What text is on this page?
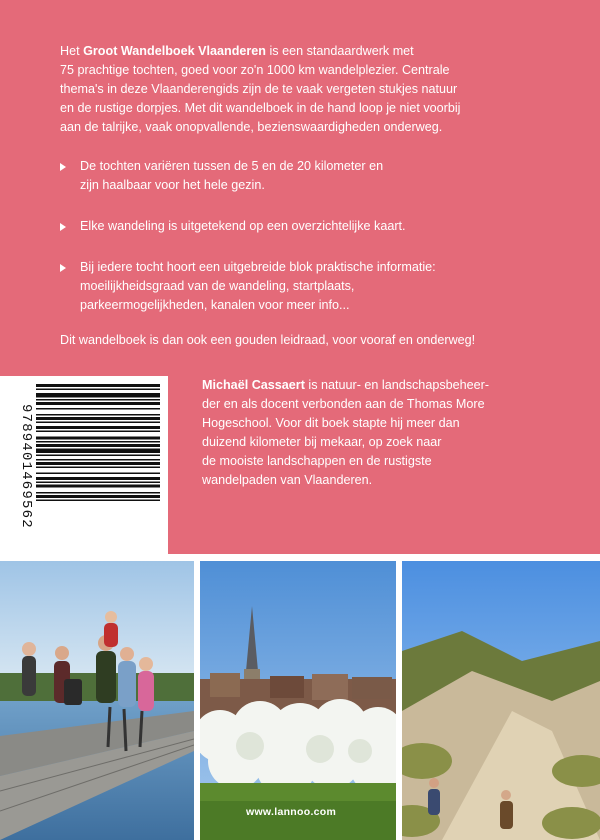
Het Groot Wandelboek Vlaanderen is een standaardwerk met
75 prachtige tochten, goed voor zo'n 1000 km wandelplezier. Centrale
thema's in deze Vlaanderengids zijn de te vaak vergeten stukjes natuur
en de rustige dorpjes. Met dit wandelboek in de hand loop je niet voorbij
aan de talrijke, vaak onopvallende, bezienswaardigheden onderweg.
De tochten variëren tussen de 5 en de 20 kilometer en
zijn haalbaar voor het hele gezin.
Elke wandeling is uitgetekend op een overzichtelijke kaart.
Bij iedere tocht hoort een uitgebreide blok praktische informatie:
moeilijkheidsgraad van de wandeling, startplaats,
parkeermogelijkheden, kanalen voor meer info...
Dit wandelboek is dan ook een gouden leidraad, voor vooraf en onderweg!
9789401469562
Michaël Cassaert is natuur- en landschapsbeheer-
der en als docent verbonden aan de Thomas More
Hogeschool. Voor dit boek stapte hij meer dan
duizend kilometer bij mekaar, op zoek naar
de mooiste landschappen en de rustigste
wandelpaden van Vlaanderen.
www.lannoo.com
